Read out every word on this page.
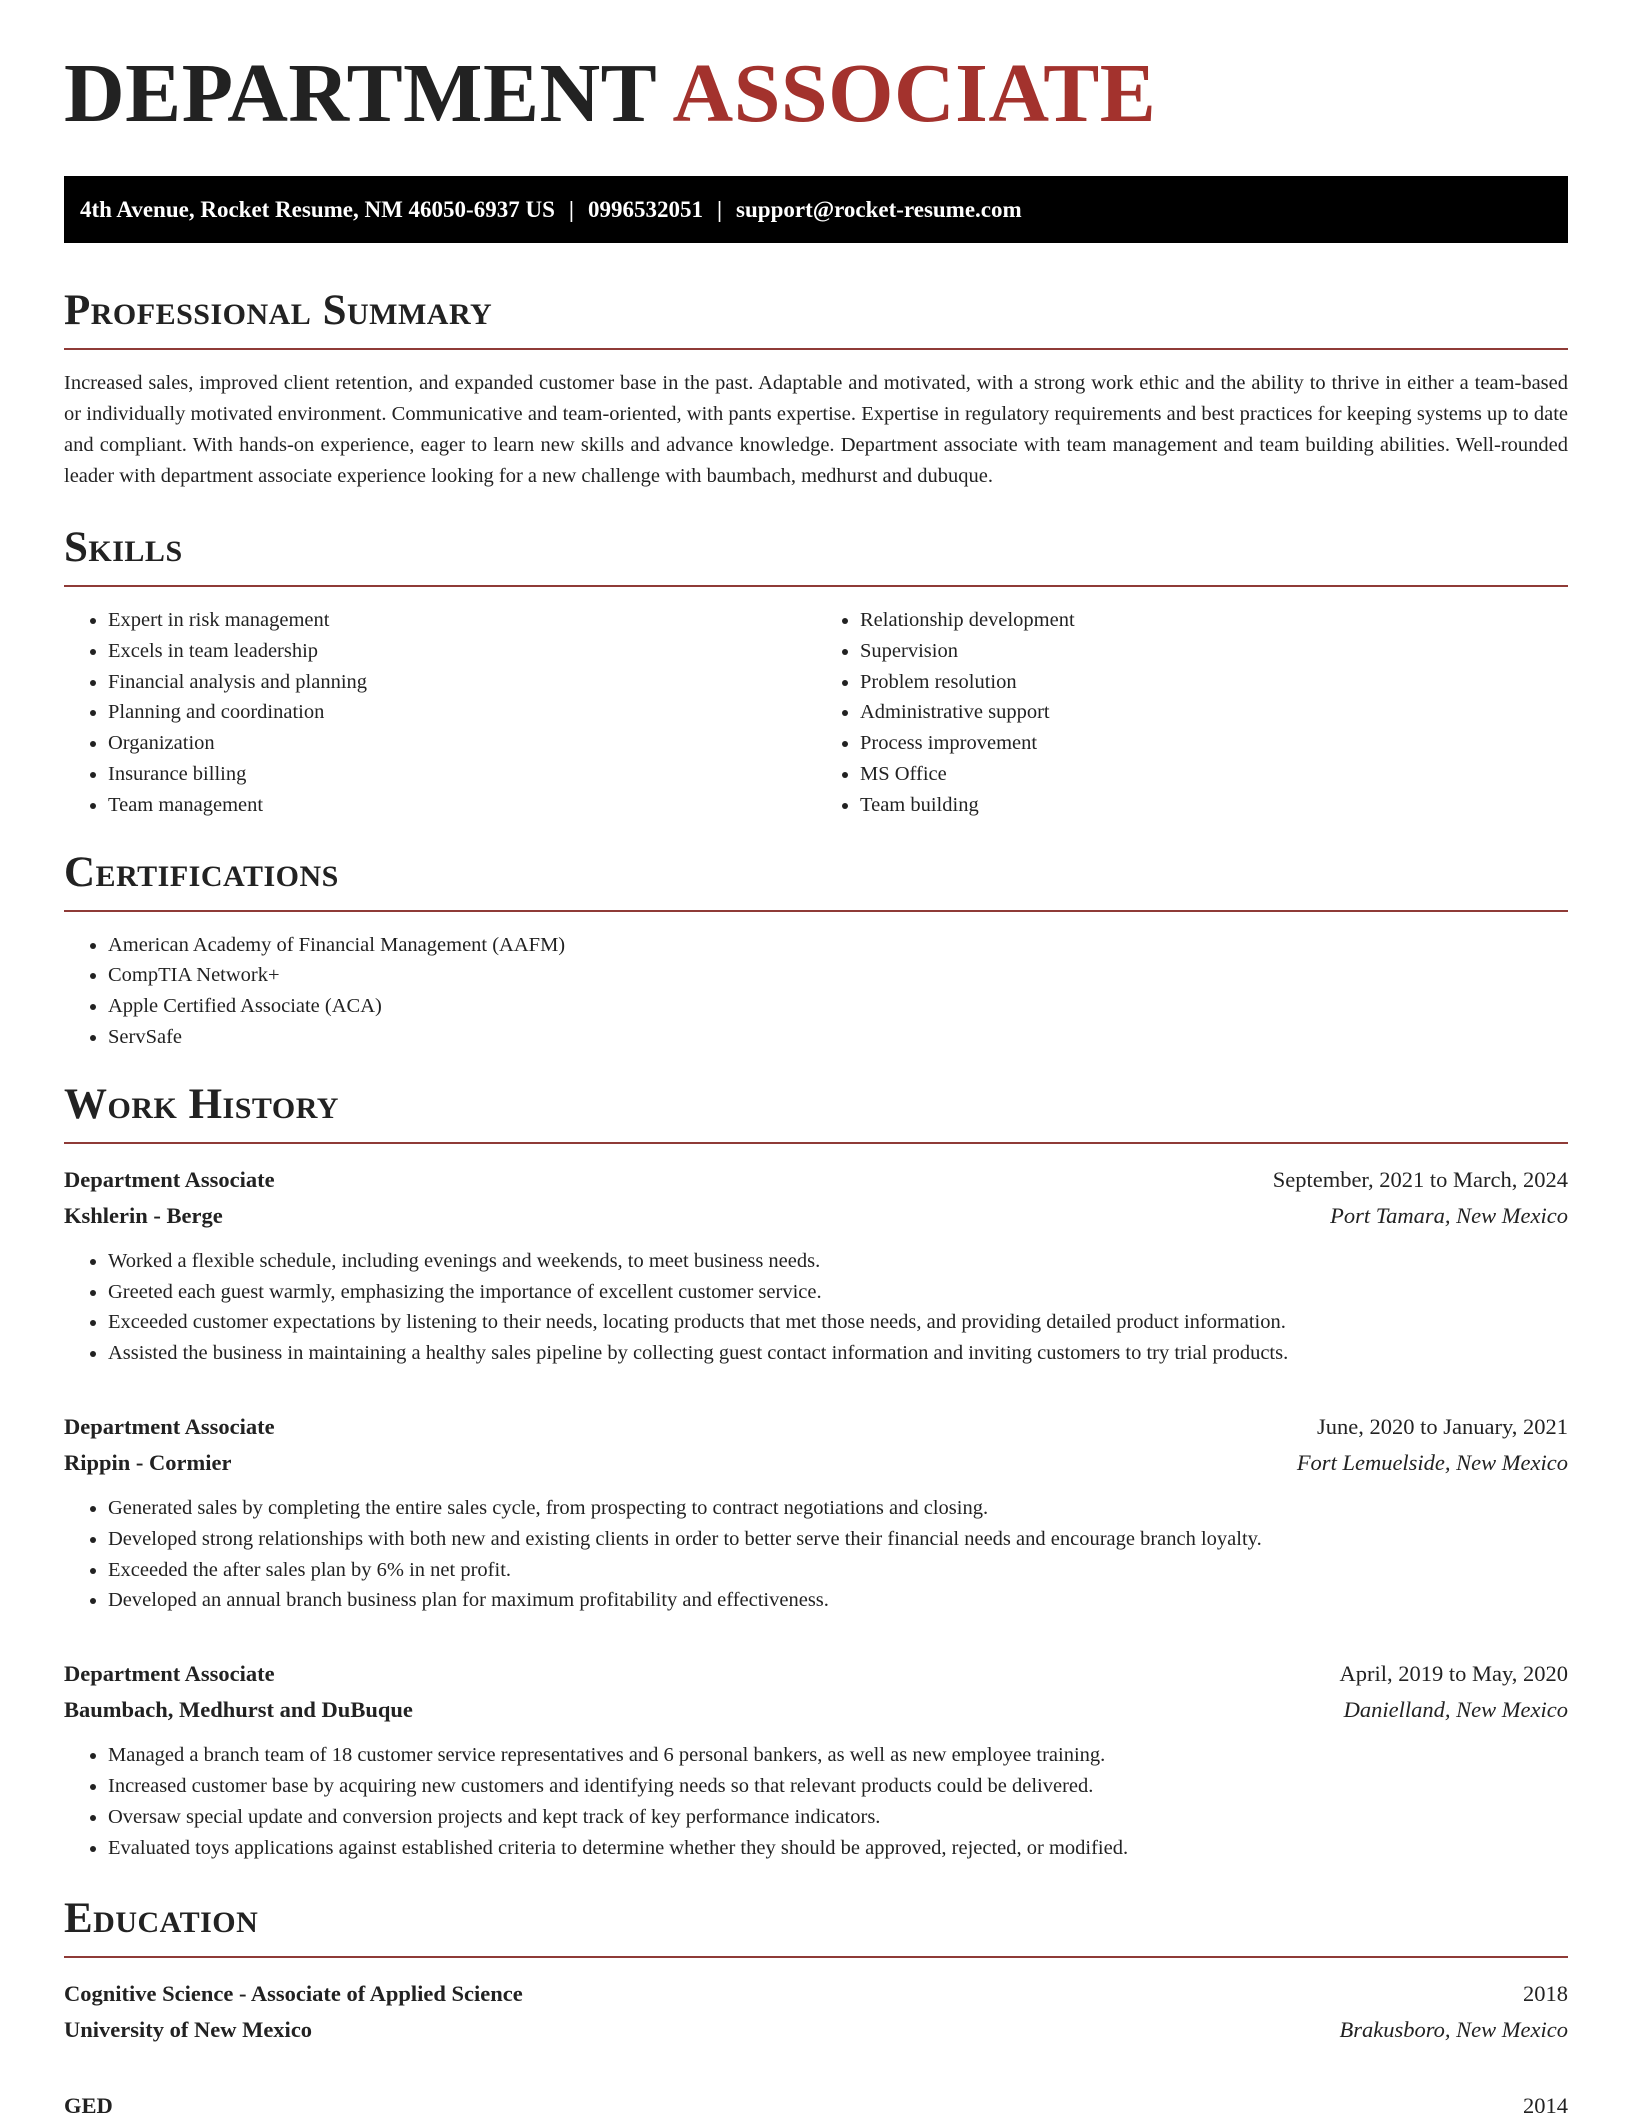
DEPARTMENT ASSOCIATE
4th Avenue, Rocket Resume, NM 46050-6937 US | 0996532051 | support@rocket-resume.com
Professional Summary

Increased sales, improved client retention, and expanded customer base in the past. Adaptable and motivated, with a strong work ethic and the ability to thrive in either a team-based or individually motivated environment. Communicative and team-oriented, with pants expertise. Expertise in regulatory requirements and best practices for keeping systems up to date and compliant. With hands-on experience, eager to learn new skills and advance knowledge. Department associate with team management and team building abilities. Well-rounded leader with department associate experience looking for a new challenge with baumbach, medhurst and dubuque.

Skills
• Expert in risk management
• Excels in team leadership
• Financial analysis and planning
• Planning and coordination
• Organization
• Insurance billing
• Team management
• Relationship development
• Supervision
• Problem resolution
• Administrative support
• Process improvement
• MS Office
• Team building
Certifications
• American Academy of Financial Management (AAFM)
• CompTIA Network+
• Apple Certified Associate (ACA)
• ServSafe
Work History
Department Associate	September, 2021 to March, 2024
Kshlerin - Berge	Port Tamara, New Mexico
• Worked a flexible schedule, including evenings and weekends, to meet business needs.
• Greeted each guest warmly, emphasizing the importance of excellent customer service.
• Exceeded customer expectations by listening to their needs, locating products that met those needs, and providing detailed product information.
• Assisted the business in maintaining a healthy sales pipeline by collecting guest contact information and inviting customers to try trial products.
Department Associate	June, 2020 to January, 2021
Rippin - Cormier	Fort Lemuelside, New Mexico
• Generated sales by completing the entire sales cycle, from prospecting to contract negotiations and closing.
• Developed strong relationships with both new and existing clients in order to better serve their financial needs and encourage branch loyalty.
• Exceeded the after sales plan by 6% in net profit.
• Developed an annual branch business plan for maximum profitability and effectiveness.
Department Associate	April, 2019 to May, 2020
Baumbach, Medhurst and DuBuque	Danielland, New Mexico
• Managed a branch team of 18 customer service representatives and 6 personal bankers, as well as new employee training.
• Increased customer base by acquiring new customers and identifying needs so that relevant products could be delivered.
• Oversaw special update and conversion projects and kept track of key performance indicators.
• Evaluated toys applications against established criteria to determine whether they should be approved, rejected, or modified.
Education
Cognitive Science - Associate of Applied Science	2018
University of New Mexico	Brakusboro, New Mexico
GED	2014
